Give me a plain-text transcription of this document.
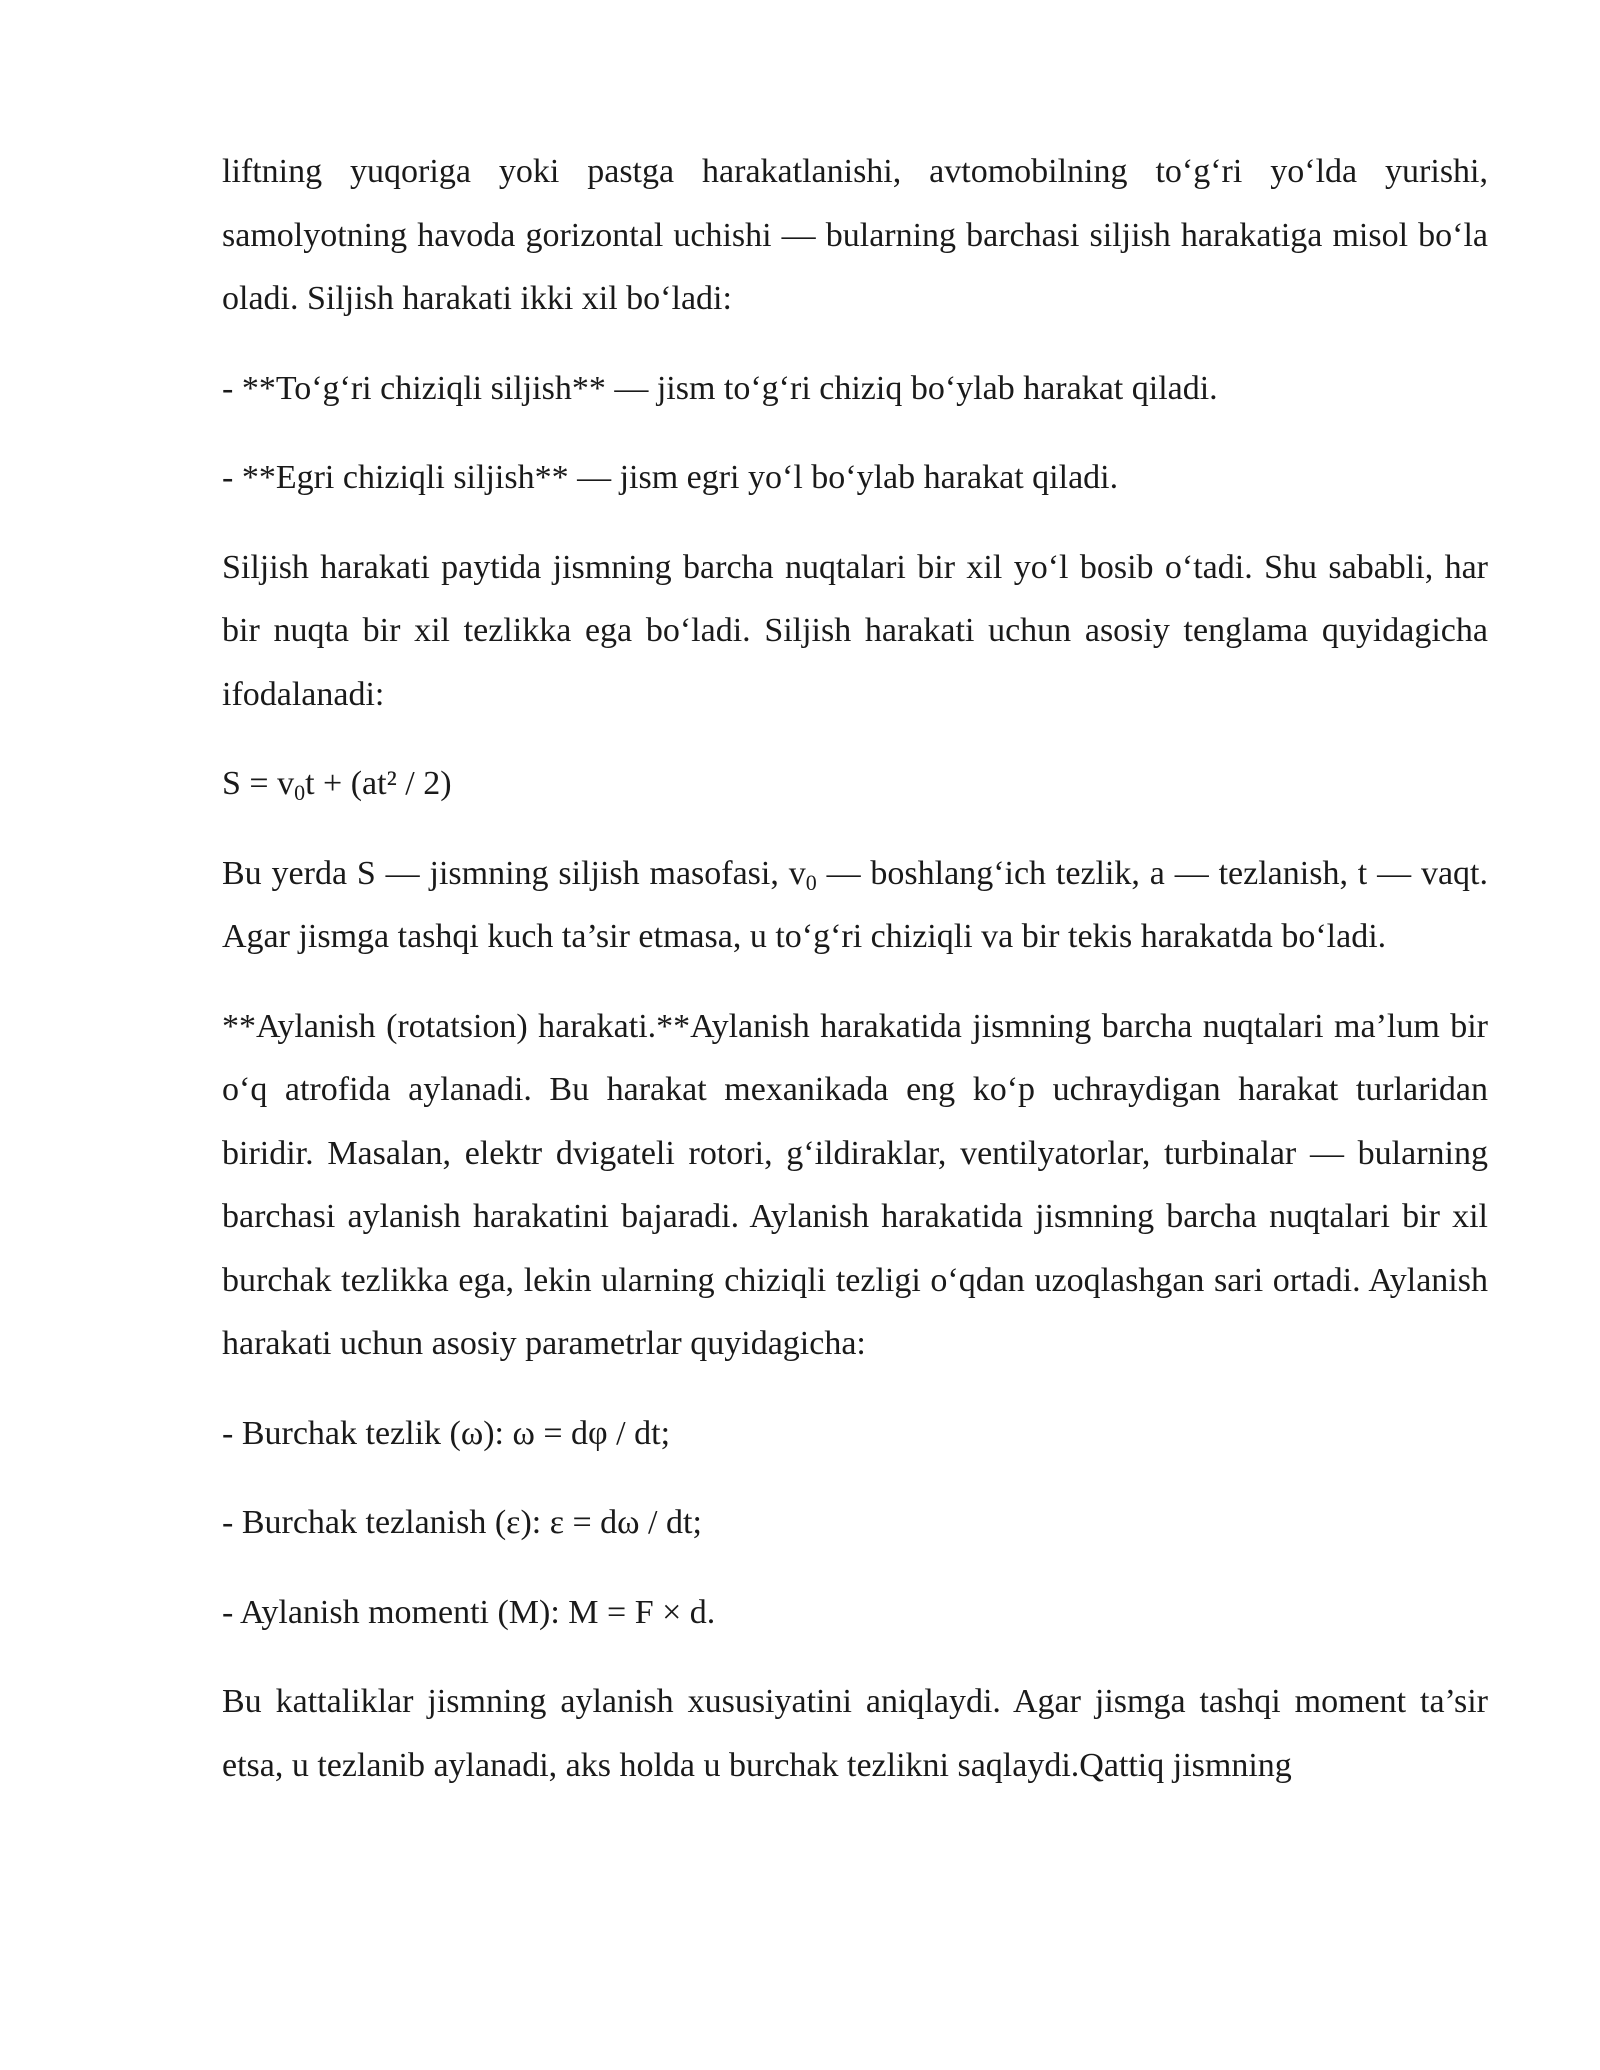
liftning yuqoriga yoki pastga harakatlanishi, avtomobilning to‘g‘ri yo‘lda yurishi, samolyotning havoda gorizontal uchishi — bularning barchasi siljish harakatiga misol bo‘la oladi. Siljish harakati ikki xil bo‘ladi:

- **To‘g‘ri chiziqli siljish** — jism to‘g‘ri chiziq bo‘ylab harakat qiladi.

- **Egri chiziqli siljish** — jism egri yo‘l bo‘ylab harakat qiladi.

Siljish harakati paytida jismning barcha nuqtalari bir xil yo‘l bosib o‘tadi. Shu sababli, har bir nuqta bir xil tezlikka ega bo‘ladi. Siljish harakati uchun asosiy tenglama quyidagicha ifodalanadi:

$S = v_0t + (at^2 / 2)$

Bu yerda S — jismning siljish masofasi, $v_0$ — boshlang‘ich tezlik, a — tezlanish, t — vaqt. Agar jismga tashqi kuch ta’sir etmasa, u to‘g‘ri chiziqli va bir tekis harakatda bo‘ladi.

**Aylanish (rotatsion) harakati.**Aylanish harakatida jismning barcha nuqtalari ma’lum bir o‘q atrofida aylanadi. Bu harakat mexanikada eng ko‘p uchraydigan harakat turlaridan biridir. Masalan, elektr dvigateli rotori, g‘ildiraklar, ventilyatorlar, turbinalar — bularning barchasi aylanish harakatini bajaradi. Aylanish harakatida jismning barcha nuqtalari bir xil burchak tezlikka ega, lekin ularning chiziqli tezligi o‘qdan uzoqlashgan sari ortadi. Aylanish harakati uchun asosiy parametrlar quyidagicha:

- Burchak tezlik (ω): ω = dφ / dt;

- Burchak tezlanish (ε): ε = dω / dt;

- Aylanish momenti (M): M = F × d.

Bu kattaliklar jismning aylanish xususiyatini aniqlaydi. Agar jismga tashqi moment ta’sir etsa, u tezlanib aylanadi, aks holda u burchak tezlikni saqlaydi.Qattiq jismning
